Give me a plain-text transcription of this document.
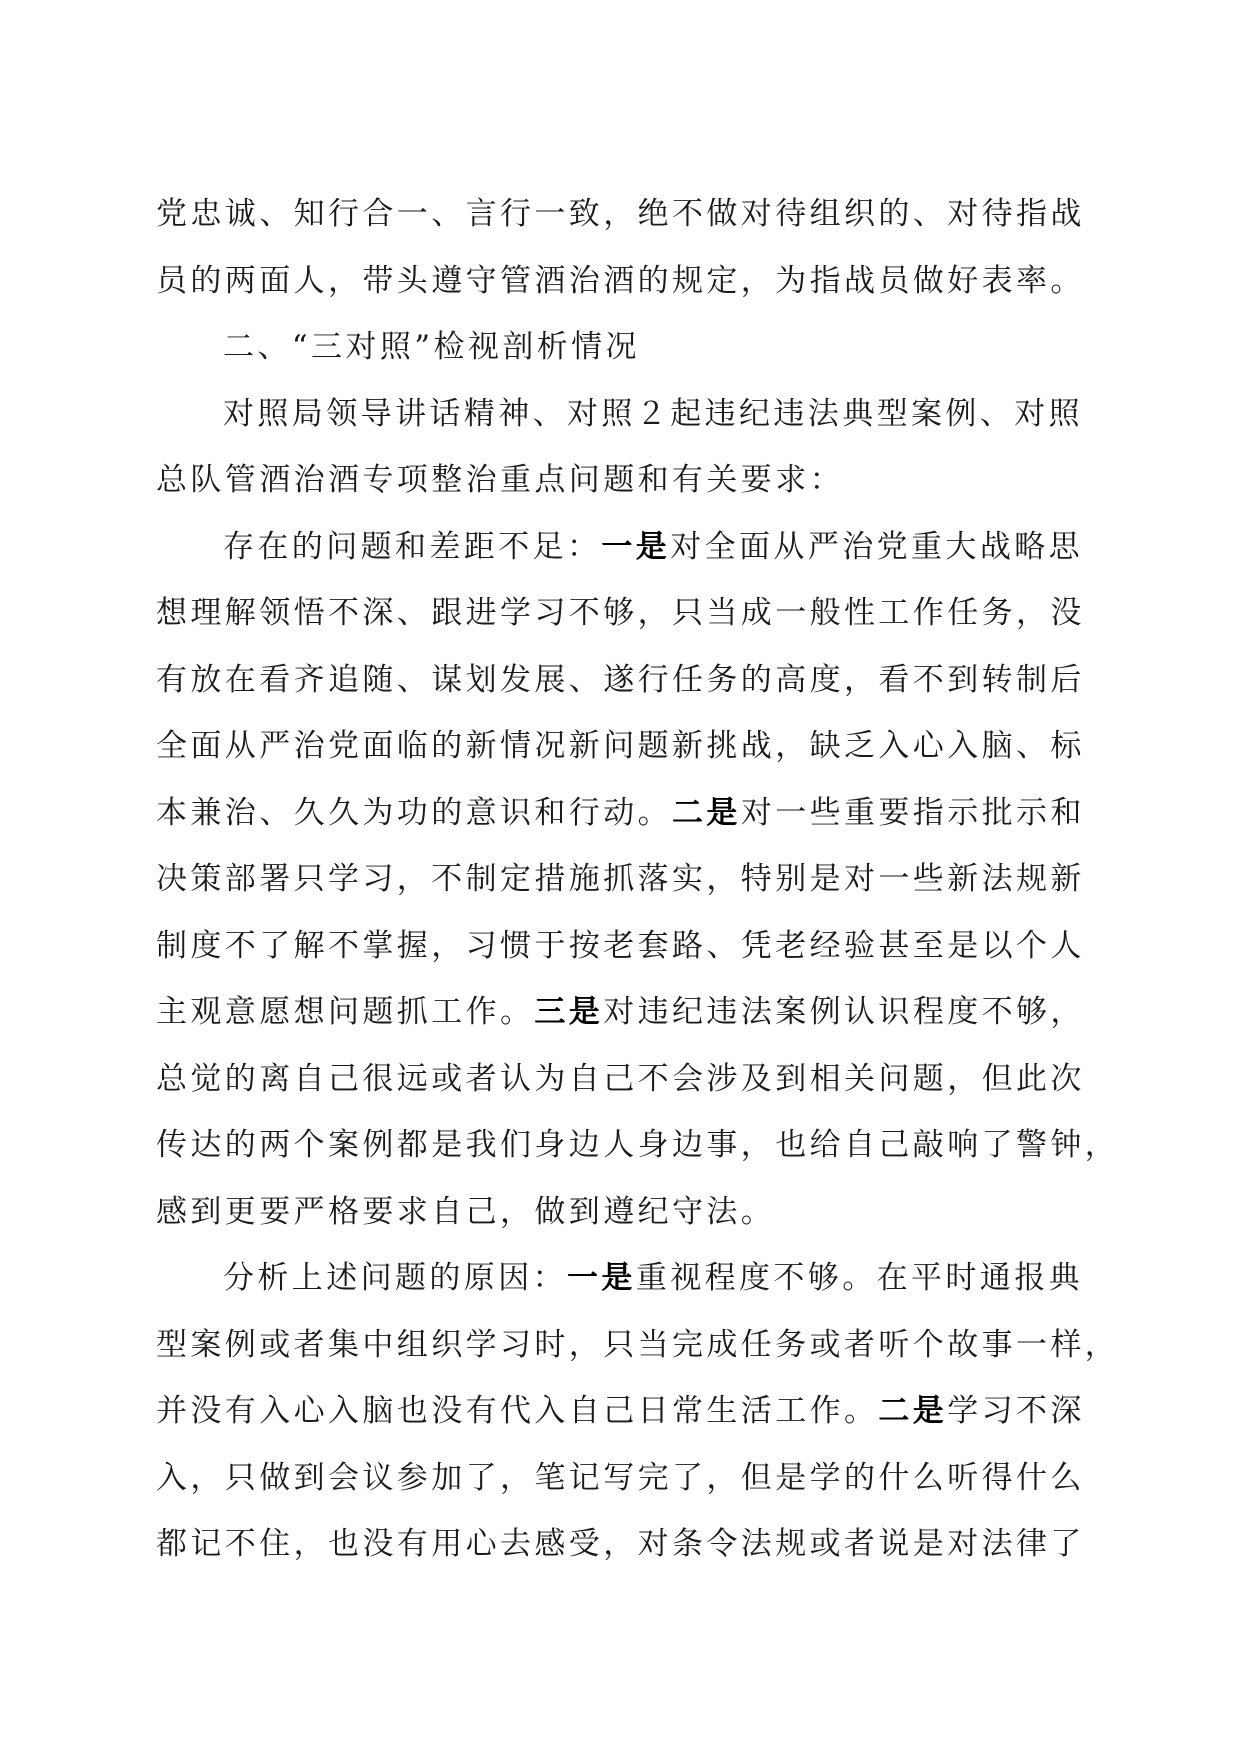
党忠诚、知行合一、言行一致，绝不做对待组织的、对待指战
员的两面人，带头遵守管酒治酒的规定，为指战员做好表率。
二、“三对照”检视剖析情况
对照局领导讲话精神、对照２起违纪违法典型案例、对照
总队管酒治酒专项整治重点问题和有关要求：
存在的问题和差距不足：一是对全面从严治党重大战略思
想理解领悟不深、跟进学习不够，只当成一般性工作任务，没
有放在看齐追随、谋划发展、遂行任务的高度，看不到转制后
全面从严治党面临的新情况新问题新挑战，缺乏入心入脑、标
本兼治、久久为功的意识和行动。二是对一些重要指示批示和
决策部署只学习，不制定措施抓落实，特别是对一些新法规新
制度不了解不掌握，习惯于按老套路、凭老经验甚至是以个人
主观意愿想问题抓工作。三是对违纪违法案例认识程度不够，
总觉的离自己很远或者认为自己不会涉及到相关问题，但此次
传达的两个案例都是我们身边人身边事，也给自己敲响了警钟，
感到更要严格要求自己，做到遵纪守法。
分析上述问题的原因：一是重视程度不够。在平时通报典
型案例或者集中组织学习时，只当完成任务或者听个故事一样，
并没有入心入脑也没有代入自己日常生活工作。二是学习不深
入，只做到会议参加了，笔记写完了，但是学的什么听得什么
都记不住，也没有用心去感受，对条令法规或者说是对法律了
